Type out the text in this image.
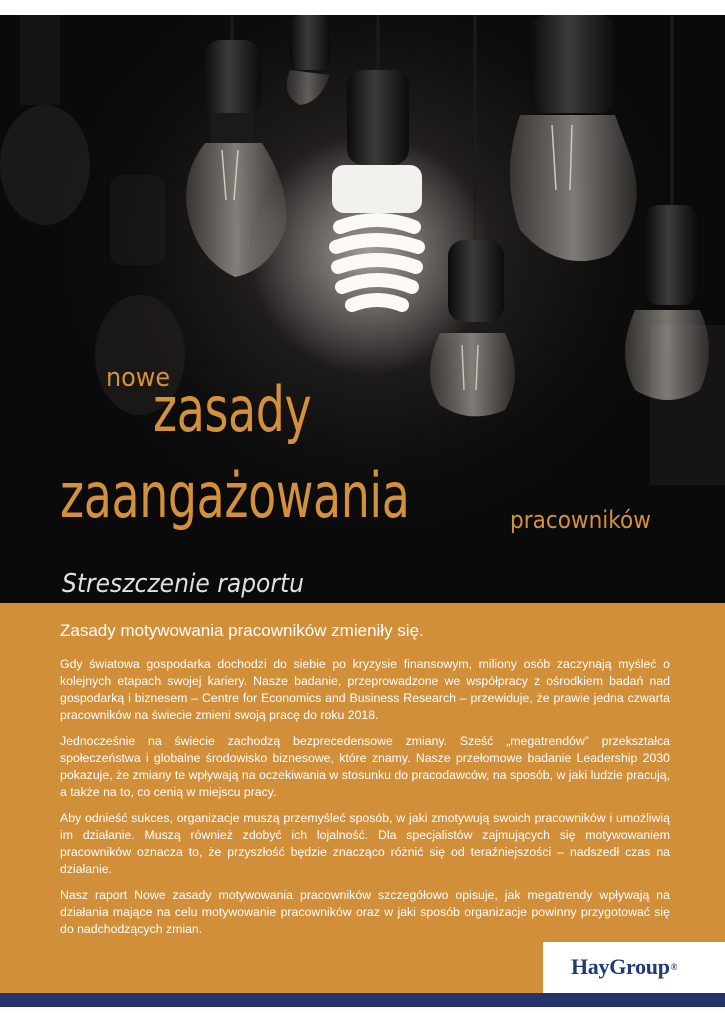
nowe
zasady
zaangażowania	pracowników
Streszczenie raportu
Zasady motywowania pracowników zmieniły się.

Gdy światowa gospodarka dochodzi do siebie po kryzysie finansowym, miliony osób zaczynają myśleć o kolejnych etapach swojej kariery. Nasze badanie, przeprowadzone we współpracy z ośrodkiem badań nad gospodarką i biznesem – Centre for Economics and Business Research – przewiduje, że prawie jedna czwarta pracowników na świecie zmieni swoją pracę do roku 2018.

Jednocześnie na świecie zachodzą bezprecedensowe zmiany. Sześć „megatrendów” przekształca społeczeństwa i globalne środowisko biznesowe, które znamy. Nasze przełomowe badanie Leadership 2030 pokazuje, że zmiany te wpływają na oczekiwania w stosunku do pracodawców, na sposób, w jaki ludzie pracują, a także na to, co cenią w miejscu pracy.

Aby odnieść sukces, organizacje muszą przemyśleć sposób, w jaki zmotywują swoich pracowników i umożliwią im działanie. Muszą również zdobyć ich lojalność. Dla specjalistów zajmujących się motywowaniem pracowników oznacza to, że przyszłość będzie znacząco różnić się od teraźniejszości – nadszedł czas na działanie.

Nasz raport Nowe zasady motywowania pracowników szczegółowo opisuje, jak megatrendy wpływają na działania mające na celu motywowanie pracowników oraz w jaki sposób organizacje powinny przygotować się do nadchodzących zmian.

HayGroup®
